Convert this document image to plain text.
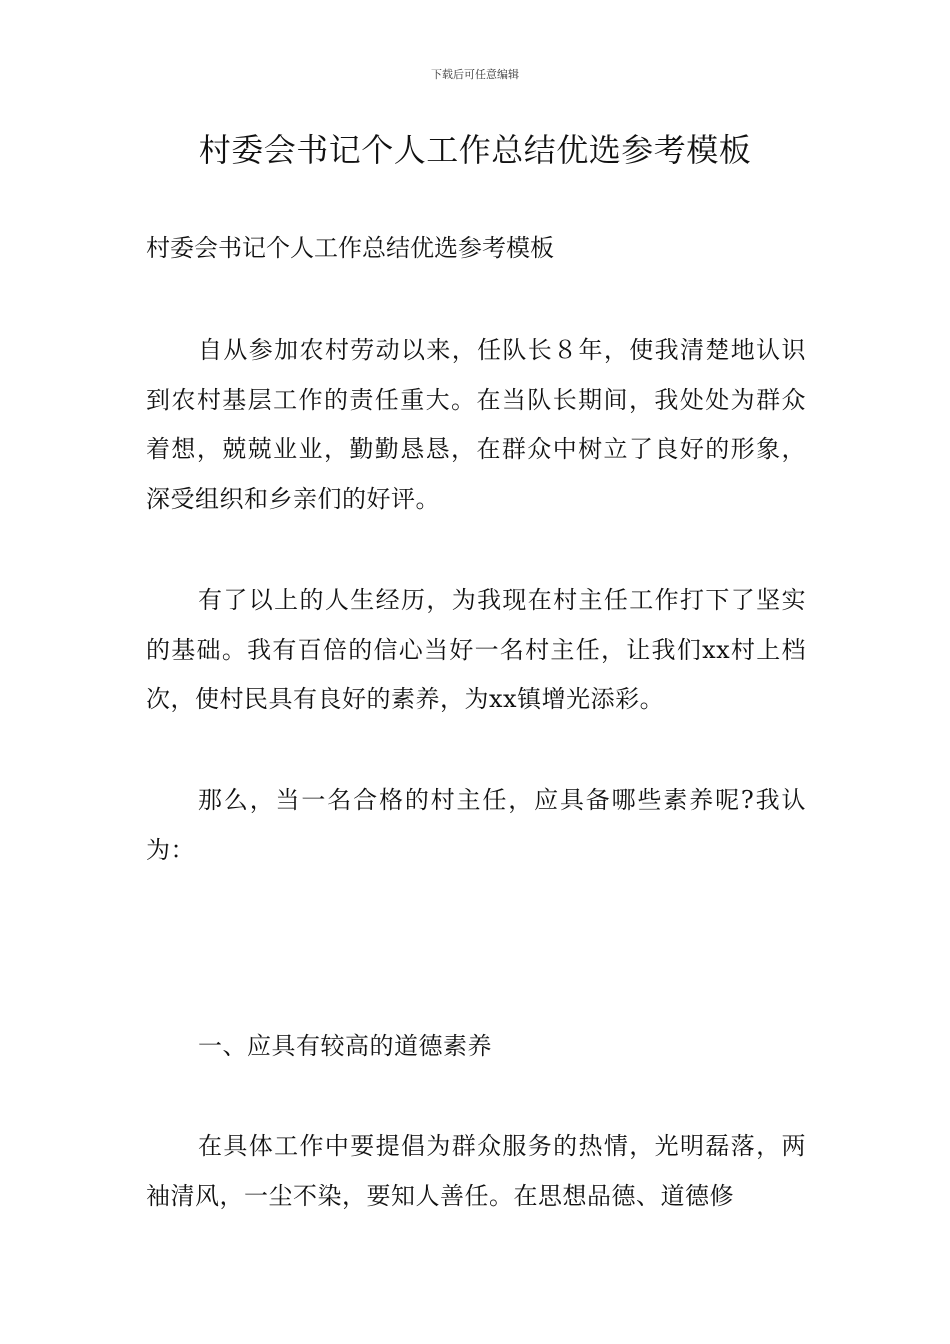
下载后可任意编辑
村委会书记个人工作总结优选参考模板

村委会书记个人工作总结优选参考模板

自从参加农村劳动以来，任队长８年，使我清楚地认识到农村基层工作的责任重大。在当队长期间，我处处为群众着想，兢兢业业，勤勤恳恳，在群众中树立了良好的形象，深受组织和乡亲们的好评。

有了以上的人生经历，为我现在村主任工作打下了坚实的基础。我有百倍的信心当好一名村主任，让我们xx村上档次，使村民具有良好的素养，为xx镇增光添彩。

那么，当一名合格的村主任，应具备哪些素养呢?我认为：

一、应具有较高的道德素养

在具体工作中要提倡为群众服务的热情，光明磊落，两袖清风，一尘不染，要知人善任。在思想品德、道德修
